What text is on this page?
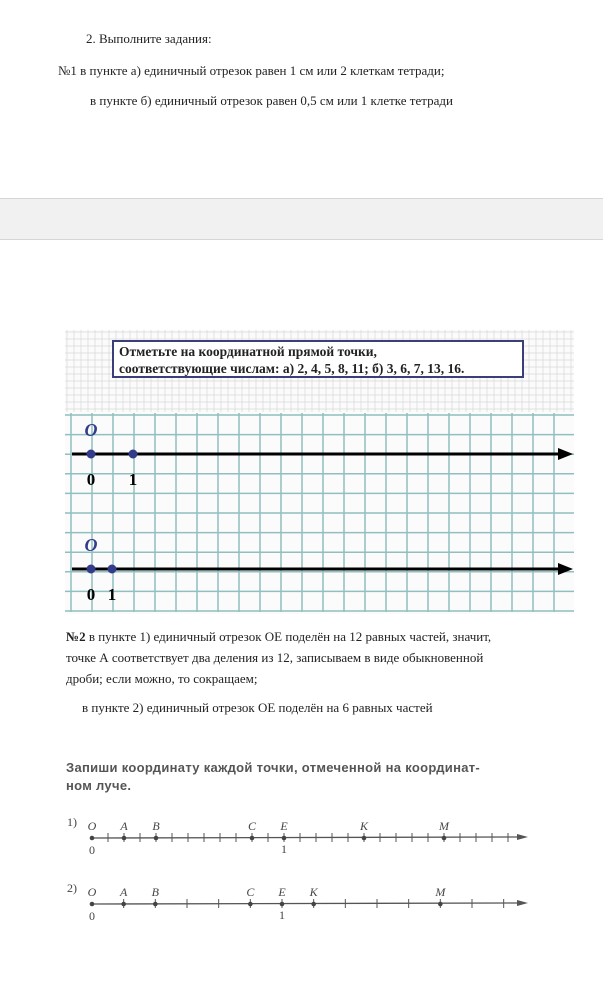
2. Выполните задания:
№1 в пункте а) единичный отрезок равен 1 см или 2 клеткам тетради;
в пункте б) единичный отрезок равен 0,5 см или 1 клетке тетради
O
0 1
O
0 1
Отметьте на координатной прямой точки,
соответствующие числам: а) 2, 4, 5, 8, 11; б) 3, 6, 7, 13, 16.
№2 в пункте 1) единичный отрезок ОЕ поделён на 12 равных частей, значит,
точке А соответствует два деления из 12, записываем в виде обыкновенной
дроби; если можно, то сокращаем;
в пункте 2) единичный отрезок ОЕ поделён на 6 равных частей
Запиши координату каждой точки, отмеченной на координат-
ном луче.
1) O A B	C E	K	M
0	1
2) O A B	C E K	M
0	1
